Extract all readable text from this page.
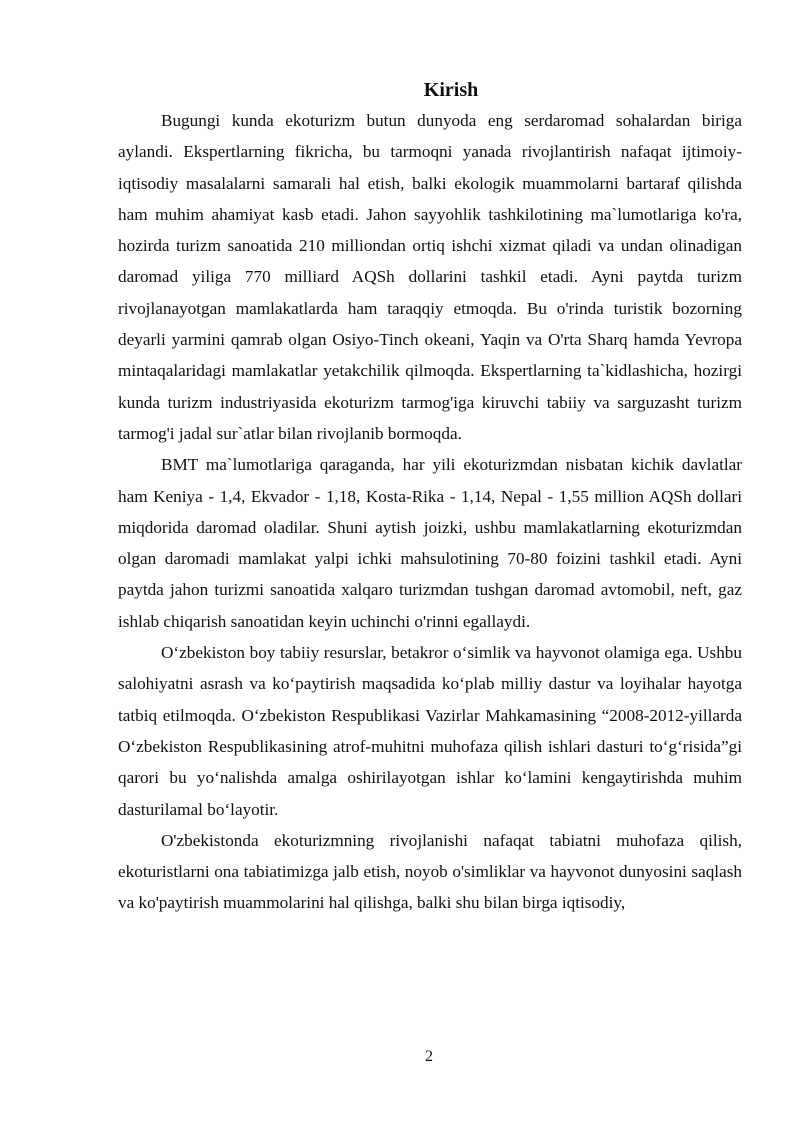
Kirish

Bugungi kunda ekoturizm butun dunyoda eng serdaromad sohalardan biriga aylandi. Ekspertlarning fikricha, bu tarmoqni yanada rivojlantirish nafaqat ijtimoiy-iqtisodiy masalalarni samarali hal etish, balki ekologik muammolarni bartaraf qilishda ham muhim ahamiyat kasb etadi. Jahon sayyohlik tashkilotining ma`lumotlariga ko'ra, hozirda turizm sanoatida 210 milliondan ortiq ishchi xizmat qiladi va undan olinadigan daromad yiliga 770 milliard AQSh dollarini tashkil etadi. Ayni paytda turizm rivojlanayotgan mamlakatlarda ham taraqqiy etmoqda. Bu o'rinda turistik bozorning deyarli yarmini qamrab olgan Osiyo-Tinch okeani, Yaqin va O'rta Sharq hamda Yevropa mintaqalaridagi mamlakatlar yetakchilik qilmoqda. Ekspertlarning ta`kidlashicha, hozirgi kunda turizm industriyasida ekoturizm tarmog'iga kiruvchi tabiiy va sarguzasht turizm tarmog'i jadal sur`atlar bilan rivojlanib bormoqda.

BMT ma`lumotlariga qaraganda, har yili ekoturizmdan nisbatan kichik davlatlar ham Keniya - 1,4, Ekvador - 1,18, Kosta-Rika - 1,14, Nepal - 1,55 million AQSh dollari miqdorida daromad oladilar. Shuni aytish joizki, ushbu mamlakatlarning ekoturizmdan olgan daromadi mamlakat yalpi ichki mahsulotining 70-80 foizini tashkil etadi. Ayni paytda jahon turizmi sanoatida xalqaro turizmdan tushgan daromad avtomobil, neft, gaz ishlab chiqarish sanoatidan keyin uchinchi o'rinni egallaydi.

O‘zbekiston boy tabiiy resurslar, betakror o‘simlik va hayvonot olamiga ega. Ushbu salohiyatni asrash va ko‘paytirish maqsadida ko‘plab milliy dastur va loyihalar hayotga tatbiq etilmoqda. O‘zbekiston Respublikasi Vazirlar Mahkamasining “2008-2012-yillarda O‘zbekiston Respublikasining atrof-muhitni muhofaza qilish ishlari dasturi to‘g‘risida”gi qarori bu yo‘nalishda amalga oshirilayotgan ishlar ko‘lamini kengaytirishda muhim dasturilamal bo‘layotir.

O'zbekistonda ekoturizmning rivojlanishi nafaqat tabiatni muhofaza qilish, ekoturistlarni ona tabiatimizga jalb etish, noyob o'simliklar va hayvonot dunyosini saqlash va ko'paytirish muammolarini hal qilishga, balki shu bilan birga iqtisodiy,

2
